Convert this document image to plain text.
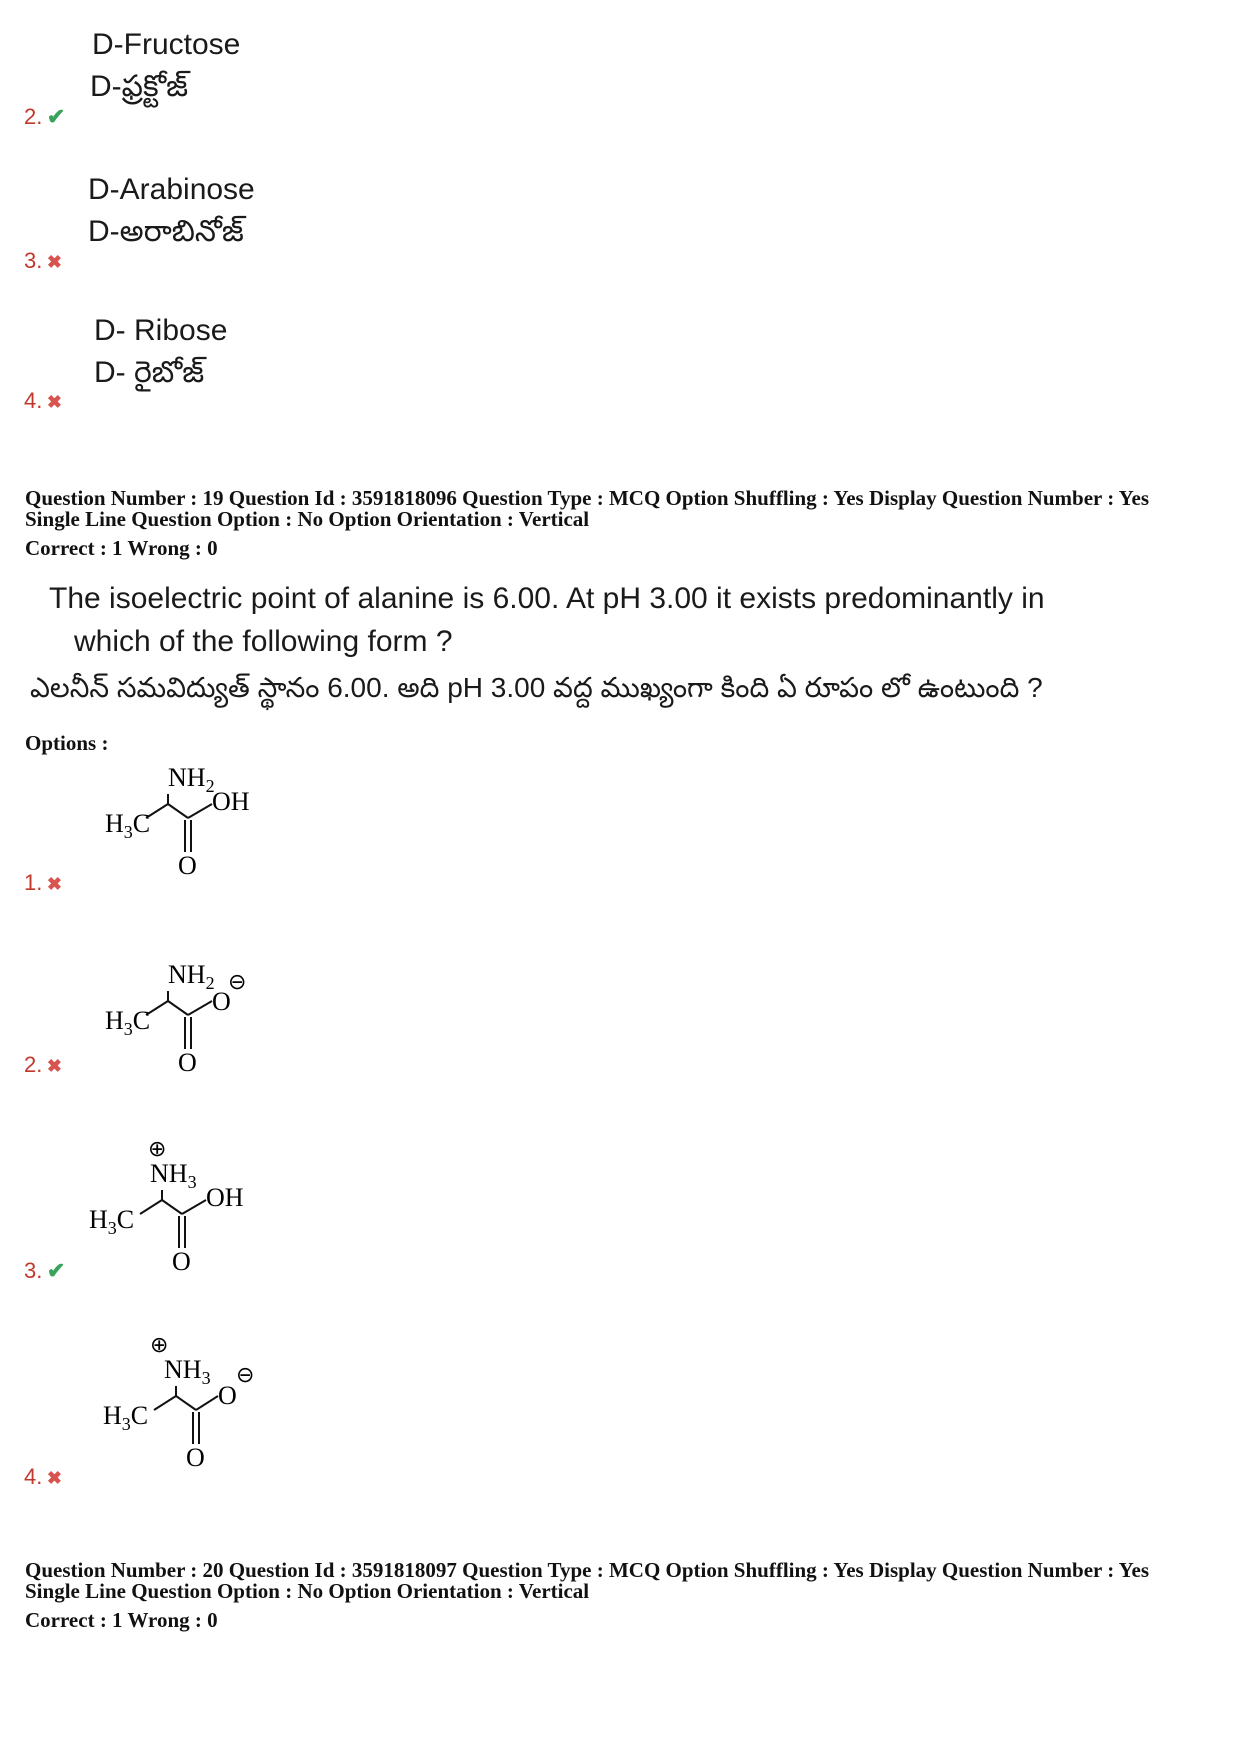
D-Fructose
D-ఫ్రక్టోజ్
2. ✔
D-Arabinose
D-అరాబినోజ్
3. ✖
D- Ribose
D- రైబోజ్
4. ✖
Question Number : 19 Question Id : 3591818096 Question Type : MCQ Option Shuffling : Yes Display Question Number : Yes
Single Line Question Option : No Option Orientation : Vertical
Correct : 1 Wrong : 0
The isoelectric point of alanine is 6.00. At pH 3.00 it exists predominantly in
which of the following form ?
ఎలనీన్ సమవిద్యుత్ స్థానం 6.00. అది pH 3.00 వద్ద ముఖ్యంగా కింది ఏ రూపం లో ఉంటుంది ?
Options :
$NH_2$
$H_3C$
OH
O
1. ✖
$NH_2$
$H_3C$
O
⊖
O
2. ✖
⊕
$NH_3$
$H_3C$
OH
O
3. ✔
⊕
$NH_3$ ⊖
$H_3C$
O
O
4. ✖
Question Number : 20 Question Id : 3591818097 Question Type : MCQ Option Shuffling : Yes Display Question Number : Yes
Single Line Question Option : No Option Orientation : Vertical
Correct : 1 Wrong : 0
